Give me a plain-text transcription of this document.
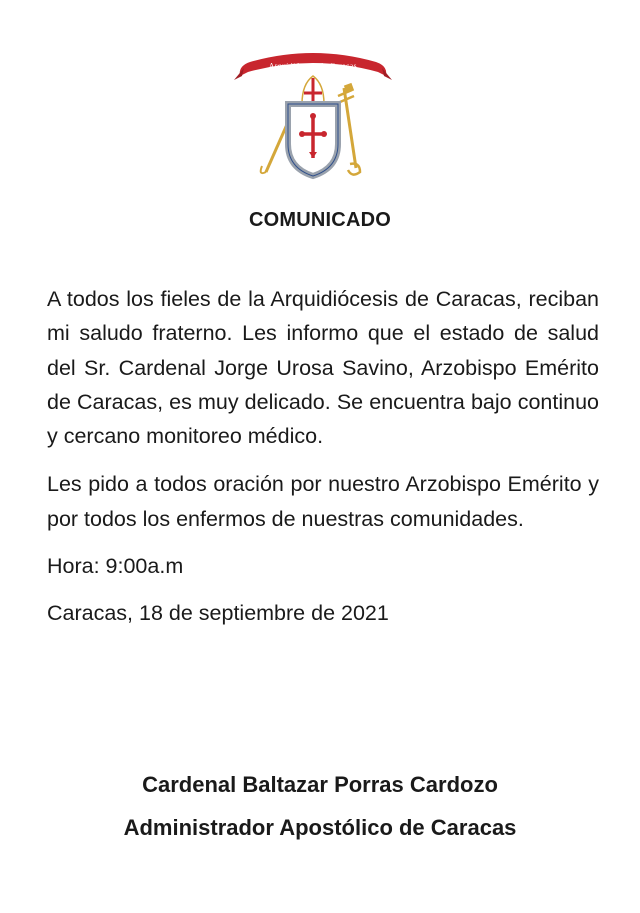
Arquidiócesis de Caracas
COMUNICADO

A todos los fieles de la Arquidiócesis de Caracas, reciban mi saludo fraterno. Les informo que el estado de salud del Sr. Cardenal Jorge Urosa Savino, Arzobispo Emérito de Caracas, es muy delicado. Se encuentra bajo continuo y cercano monitoreo médico.

Les pido a todos oración por nuestro Arzobispo Emérito y por todos los enfermos de nuestras comunidades.

Hora: 9:00a.m

Caracas, 18 de septiembre de 2021

Cardenal Baltazar Porras Cardozo
Administrador Apostólico de Caracas
